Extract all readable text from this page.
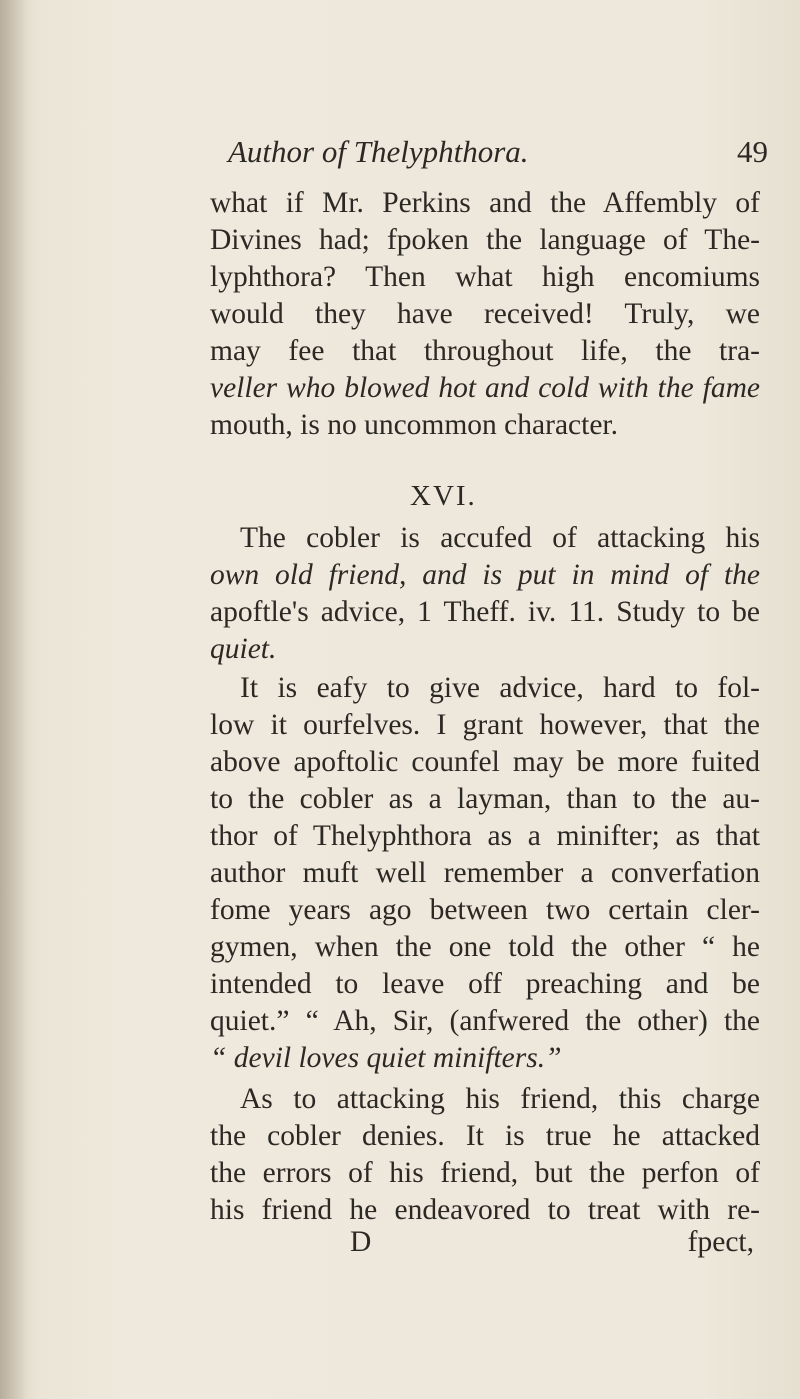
Author of Thelyphthora.	49
what if Mr. Perkins and the Affembly of
Divines had; fpoken the language of The-
lyphthora? Then what high encomiums
would they have received! Truly, we
may fee that throughout life, the tra-
veller who blowed hot and cold with the fame
mouth, is no uncommon character.
XVI.
The cobler is accufed of attacking his
own old friend, and is put in mind of the
apoftle's advice, 1 Theff. iv. 11. Study to be
quiet.
It is eafy to give advice, hard to fol-
low it ourfelves. I grant however, that the
above apoftolic counfel may be more fuited
to the cobler as a layman, than to the au-
thor of Thelyphthora as a minifter; as that
author muft well remember a converfation
fome years ago between two certain cler-
gymen, when the one told the other “ he
intended to leave off preaching and be
quiet.” “ Ah, Sir, (anfwered the other) the
“ devil loves quiet minifters.”
As to attacking his friend, this charge
the cobler denies. It is true he attacked
the errors of his friend, but the perfon of
his friend he endeavored to treat with re-
D	fpect,
